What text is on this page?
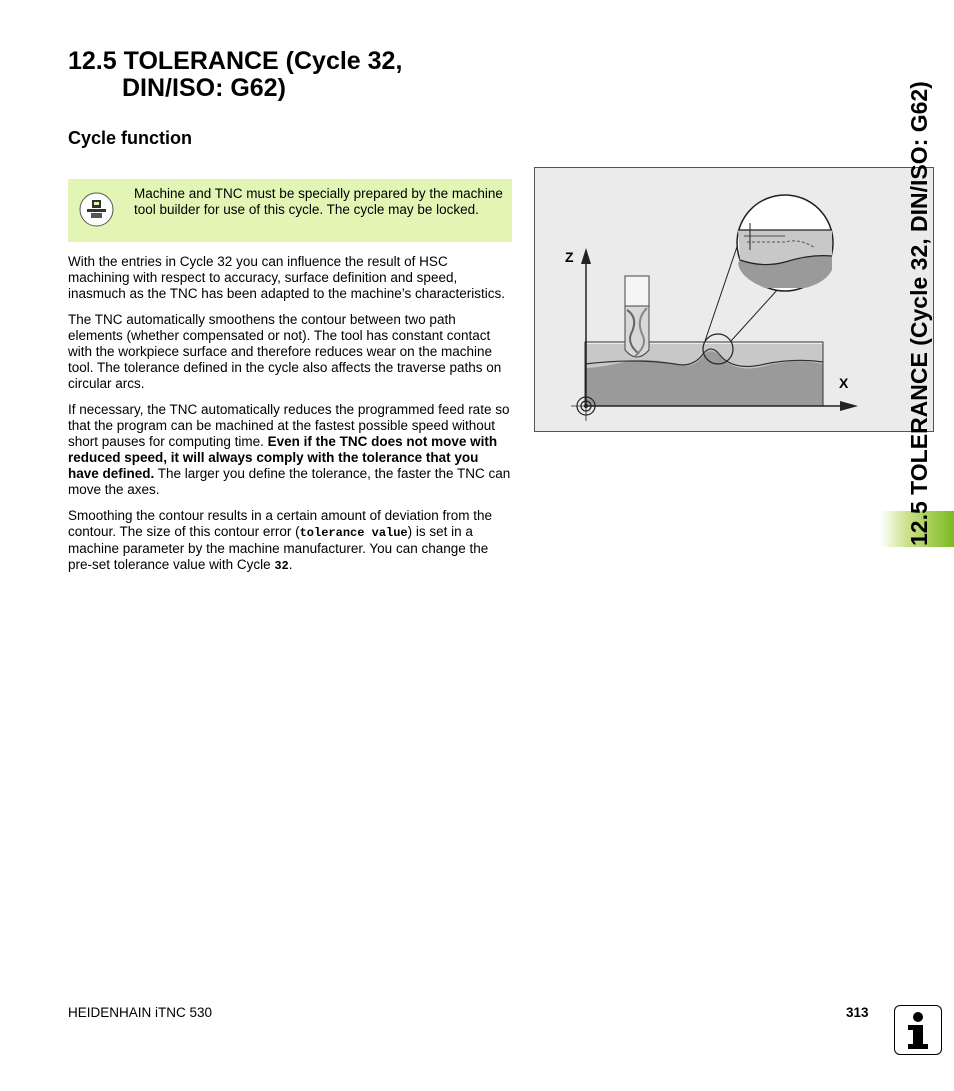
12.5 TOLERANCE (Cycle 32,
DIN/ISO: G62)
Cycle function
Machine and TNC must be specially prepared by the machine tool builder for use of this cycle. The cycle may be locked.

With the entries in Cycle 32 you can influence the result of HSC machining with respect to accuracy, surface definition and speed, inasmuch as the TNC has been adapted to the machine’s characteristics.

The TNC automatically smoothens the contour between two path elements (whether compensated or not). The tool has constant contact with the workpiece surface and therefore reduces wear on the machine tool. The tolerance defined in the cycle also affects the traverse paths on circular arcs.

If necessary, the TNC automatically reduces the programmed feed rate so that the program can be machined at the fastest possible speed without short pauses for computing time. Even if the TNC does not move with reduced speed, it will always comply with the tolerance that you have defined. The larger you define the tolerance, the faster the TNC can move the axes.

Smoothing the contour results in a certain amount of deviation from the contour. The size of this contour error (tolerance value) is set in a machine parameter by the machine manufacturer. You can change the pre-set tolerance value with Cycle 32.

Z
X	12.5 TOLERANCE (Cycle 32, DIN/ISO: G62)
HEIDENHAIN iTNC 530	313
